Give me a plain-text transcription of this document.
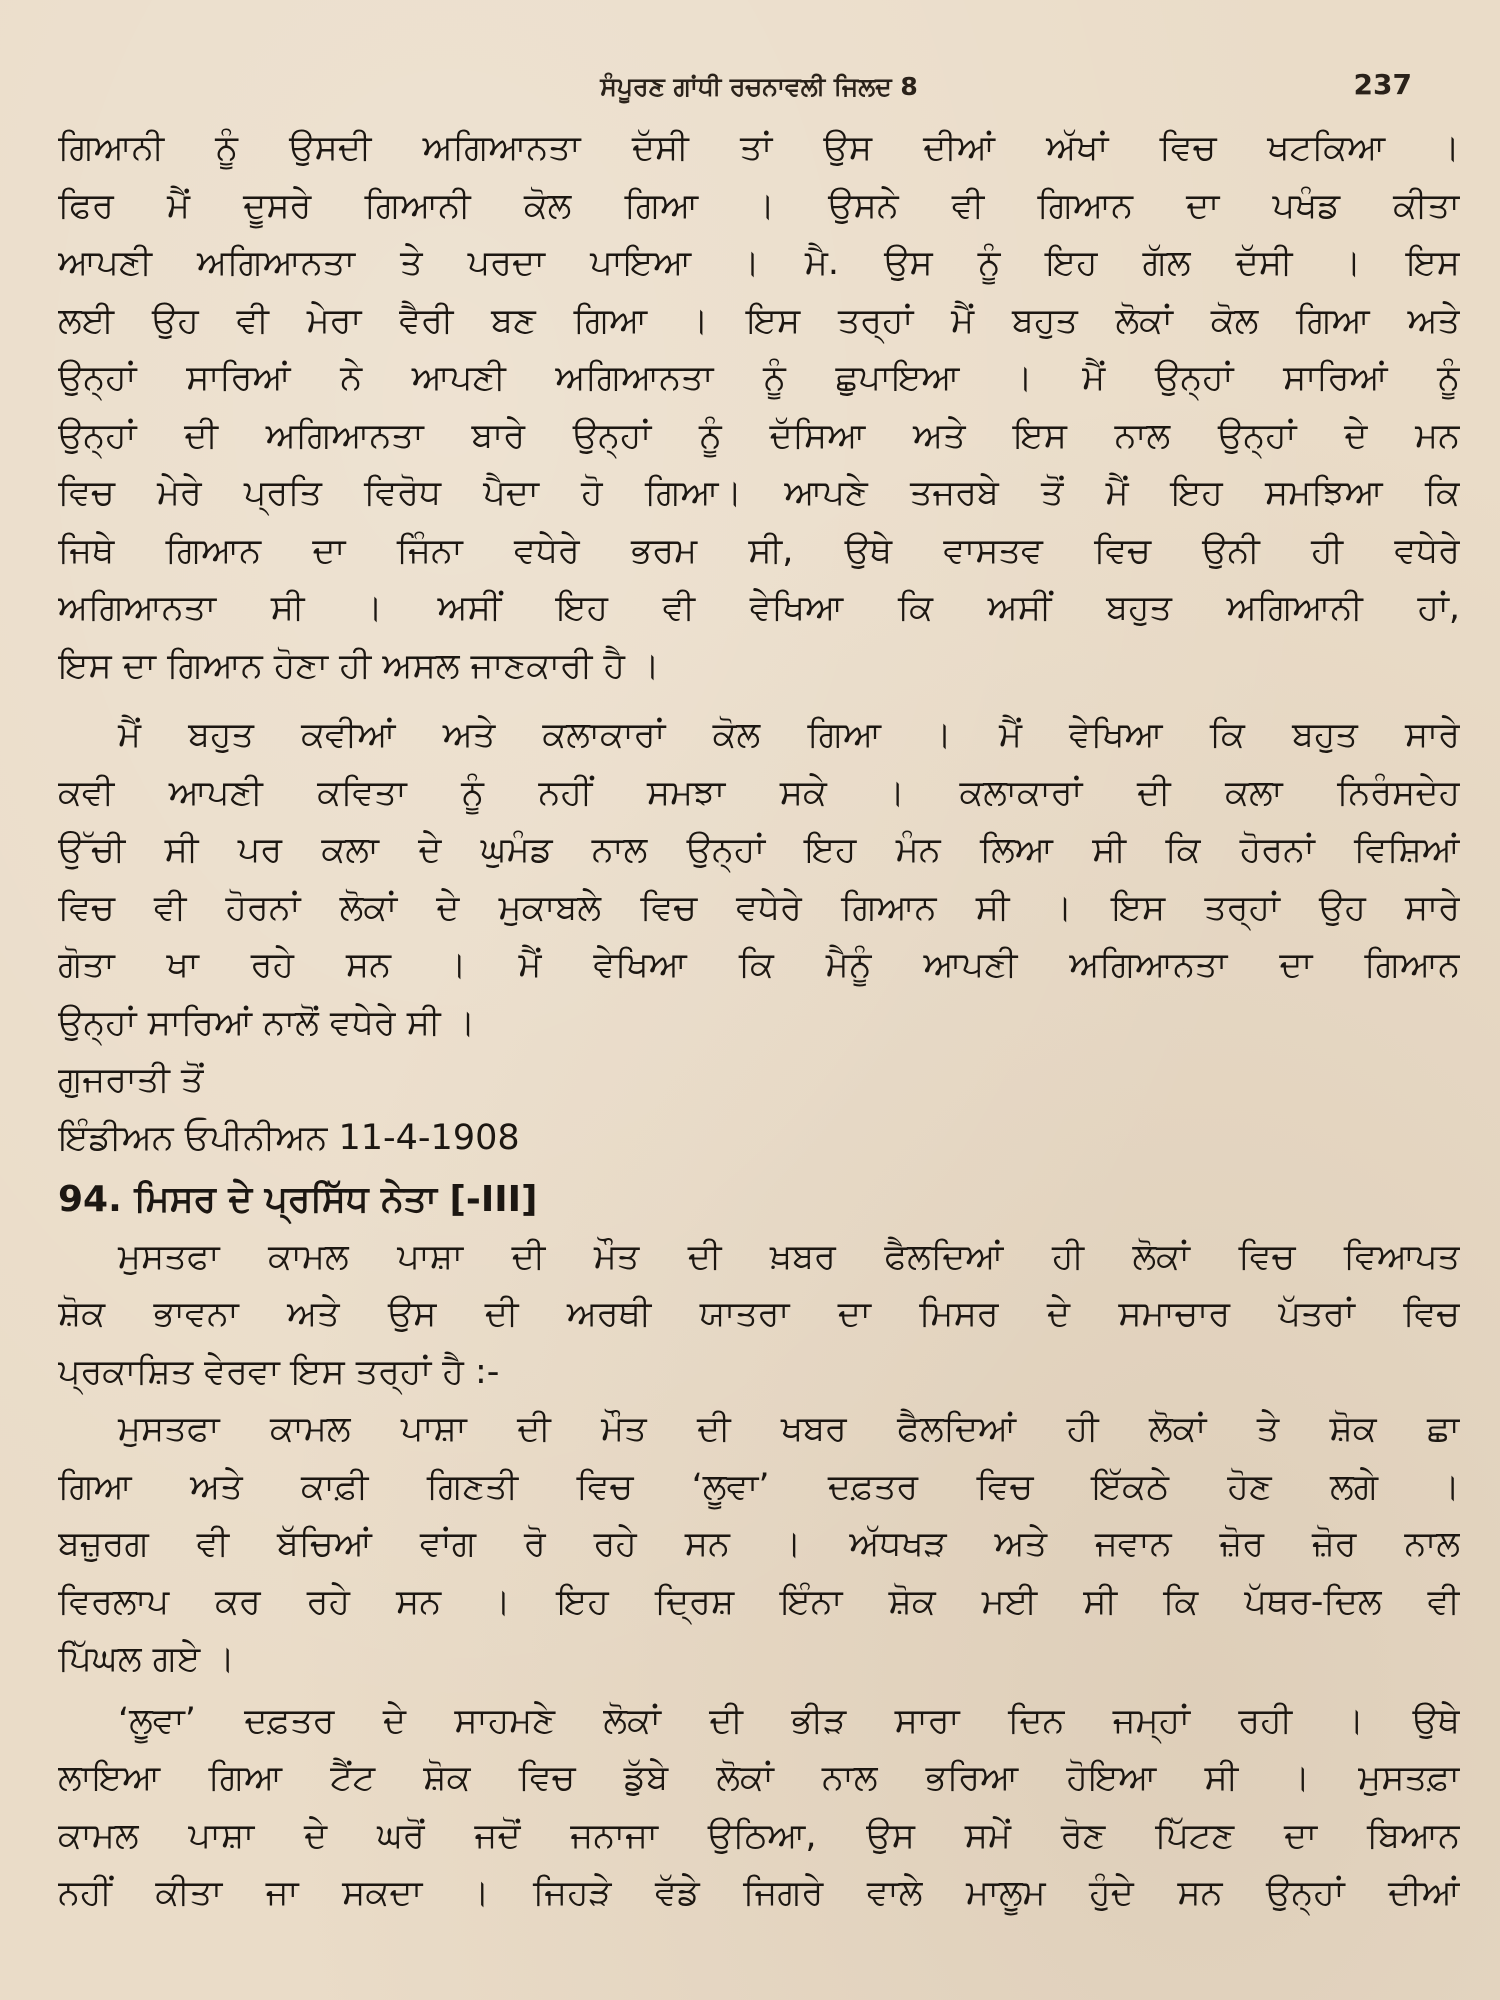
ਸੰਪੂਰਣ ਗਾਂਧੀ ਰਚਨਾਵਲੀ ਜਿਲਦ 8	237
ਗਿਆਨੀ ਨੂੰ ਉਸਦੀ ਅਗਿਆਨਤਾ ਦੱਸੀ ਤਾਂ ਉਸ ਦੀਆਂ ਅੱਖਾਂ ਵਿਚ ਖਟਕਿਆ ।
ਫਿਰ ਮੈਂ ਦੂਸਰੇ ਗਿਆਨੀ ਕੋਲ ਗਿਆ । ਉਸਨੇ ਵੀ ਗਿਆਨ ਦਾ ਪਖੰਡ ਕੀਤਾ
ਆਪਣੀ ਅਗਿਆਨਤਾ ਤੇ ਪਰਦਾ ਪਾਇਆ । ਮੈ. ਉਸ ਨੂੰ ਇਹ ਗੱਲ ਦੱਸੀ । ਇਸ
ਲਈ ਉਹ ਵੀ ਮੇਰਾ ਵੈਰੀ ਬਣ ਗਿਆ । ਇਸ ਤਰ੍ਹਾਂ ਮੈਂ ਬਹੁਤ ਲੋਕਾਂ ਕੋਲ ਗਿਆ ਅਤੇ
ਉਨ੍ਹਾਂ ਸਾਰਿਆਂ ਨੇ ਆਪਣੀ ਅਗਿਆਨਤਾ ਨੂੰ ਛੁਪਾਇਆ । ਮੈਂ ਉਨ੍ਹਾਂ ਸਾਰਿਆਂ ਨੂੰ
ਉਨ੍ਹਾਂ ਦੀ ਅਗਿਆਨਤਾ ਬਾਰੇ ਉਨ੍ਹਾਂ ਨੂੰ ਦੱਸਿਆ ਅਤੇ ਇਸ ਨਾਲ ਉਨ੍ਹਾਂ ਦੇ ਮਨ
ਵਿਚ ਮੇਰੇ ਪ੍ਰਤਿ ਵਿਰੋਧ ਪੈਦਾ ਹੋ ਗਿਆ। ਆਪਣੇ ਤਜਰਬੇ ਤੋਂ ਮੈਂ ਇਹ ਸਮਝਿਆ ਕਿ
ਜਿਥੇ ਗਿਆਨ ਦਾ ਜਿੰਨਾ ਵਧੇਰੇ ਭਰਮ ਸੀ, ਉਥੇ ਵਾਸਤਵ ਵਿਚ ਉਨੀ ਹੀ ਵਧੇਰੇ
ਅਗਿਆਨਤਾ ਸੀ । ਅਸੀਂ ਇਹ ਵੀ ਵੇਖਿਆ ਕਿ ਅਸੀਂ ਬਹੁਤ ਅਗਿਆਨੀ ਹਾਂ,
ਇਸ ਦਾ ਗਿਆਨ ਹੋਣਾ ਹੀ ਅਸਲ ਜਾਣਕਾਰੀ ਹੈ ।
ਮੈਂ ਬਹੁਤ ਕਵੀਆਂ ਅਤੇ ਕਲਾਕਾਰਾਂ ਕੋਲ ਗਿਆ । ਮੈਂ ਵੇਖਿਆ ਕਿ ਬਹੁਤ ਸਾਰੇ
ਕਵੀ ਆਪਣੀ ਕਵਿਤਾ ਨੂੰ ਨਹੀਂ ਸਮਝਾ ਸਕੇ । ਕਲਾਕਾਰਾਂ ਦੀ ਕਲਾ ਨਿਰੰਸਦੇਹ
ਉੱਚੀ ਸੀ ਪਰ ਕਲਾ ਦੇ ਘੁਮੰਡ ਨਾਲ ਉਨ੍ਹਾਂ ਇਹ ਮੰਨ ਲਿਆ ਸੀ ਕਿ ਹੋਰਨਾਂ ਵਿਸ਼ਿਆਂ
ਵਿਚ ਵੀ ਹੋਰਨਾਂ ਲੋਕਾਂ ਦੇ ਮੁਕਾਬਲੇ ਵਿਚ ਵਧੇਰੇ ਗਿਆਨ ਸੀ । ਇਸ ਤਰ੍ਹਾਂ ਉਹ ਸਾਰੇ
ਗੋਤਾ ਖਾ ਰਹੇ ਸਨ । ਮੈਂ ਵੇਖਿਆ ਕਿ ਮੈਨੂੰ ਆਪਣੀ ਅਗਿਆਨਤਾ ਦਾ ਗਿਆਨ
ਉਨ੍ਹਾਂ ਸਾਰਿਆਂ ਨਾਲੋਂ ਵਧੇਰੇ ਸੀ ।
ਗੁਜਰਾਤੀ ਤੋਂ
ਇੰਡੀਅਨ ਓਪੀਨੀਅਨ 11-4-1908
94. ਮਿਸਰ ਦੇ ਪ੍ਰਸਿੱਧ ਨੇਤਾ [-III]
ਮੁਸਤਫਾ ਕਾਮਲ ਪਾਸ਼ਾ ਦੀ ਮੌਤ ਦੀ ਖ਼ਬਰ ਫੈਲਦਿਆਂ ਹੀ ਲੋਕਾਂ ਵਿਚ ਵਿਆਪਤ
ਸ਼ੋਕ ਭਾਵਨਾ ਅਤੇ ਉਸ ਦੀ ਅਰਥੀ ਯਾਤਰਾ ਦਾ ਮਿਸਰ ਦੇ ਸਮਾਚਾਰ ਪੱਤਰਾਂ ਵਿਚ
ਪ੍ਰਕਾਸ਼ਿਤ ਵੇਰਵਾ ਇਸ ਤਰ੍ਹਾਂ ਹੈ :-
ਮੁਸਤਫਾ ਕਾਮਲ ਪਾਸ਼ਾ ਦੀ ਮੌਤ ਦੀ ਖਬਰ ਫੈਲਦਿਆਂ ਹੀ ਲੋਕਾਂ ਤੇ ਸ਼ੋਕ ਛਾ
ਗਿਆ ਅਤੇ ਕਾਫ਼ੀ ਗਿਣਤੀ ਵਿਚ ‘ਲੂਵਾ’ ਦਫ਼ਤਰ ਵਿਚ ਇੱਕਠੇ ਹੋਣ ਲਗੇ ।
ਬਜ਼ੁਰਗ ਵੀ ਬੱਚਿਆਂ ਵਾਂਗ ਰੋ ਰਹੇ ਸਨ । ਅੱਧਖੜ ਅਤੇ ਜਵਾਨ ਜ਼ੋਰ ਜ਼ੋਰ ਨਾਲ
ਵਿਰਲਾਪ ਕਰ ਰਹੇ ਸਨ । ਇਹ ਦ੍ਰਿਸ਼ ਇੰਨਾ ਸ਼ੋਕ ਮਈ ਸੀ ਕਿ ਪੱਥਰ-ਦਿਲ ਵੀ
ਪਿੱਘਲ ਗਏ ।
‘ਲੂਵਾ’ ਦਫ਼ਤਰ ਦੇ ਸਾਹਮਣੇ ਲੋਕਾਂ ਦੀ ਭੀੜ ਸਾਰਾ ਦਿਨ ਜਮ੍ਹਾਂ ਰਹੀ । ਉਥੇ
ਲਾਇਆ ਗਿਆ ਟੈਂਟ ਸ਼ੋਕ ਵਿਚ ਡੁੱਬੇ ਲੋਕਾਂ ਨਾਲ ਭਰਿਆ ਹੋਇਆ ਸੀ । ਮੁਸਤਫ਼ਾ
ਕਾਮਲ ਪਾਸ਼ਾ ਦੇ ਘਰੋਂ ਜਦੋਂ ਜਨਾਜਾ ਉਠਿਆ, ਉਸ ਸਮੇਂ ਰੋਣ ਪਿੱਟਣ ਦਾ ਬਿਆਨ
ਨਹੀਂ ਕੀਤਾ ਜਾ ਸਕਦਾ । ਜਿਹੜੇ ਵੱਡੇ ਜਿਗਰੇ ਵਾਲੇ ਮਾਲੂਮ ਹੁੰਦੇ ਸਨ ਉਨ੍ਹਾਂ ਦੀਆਂ
